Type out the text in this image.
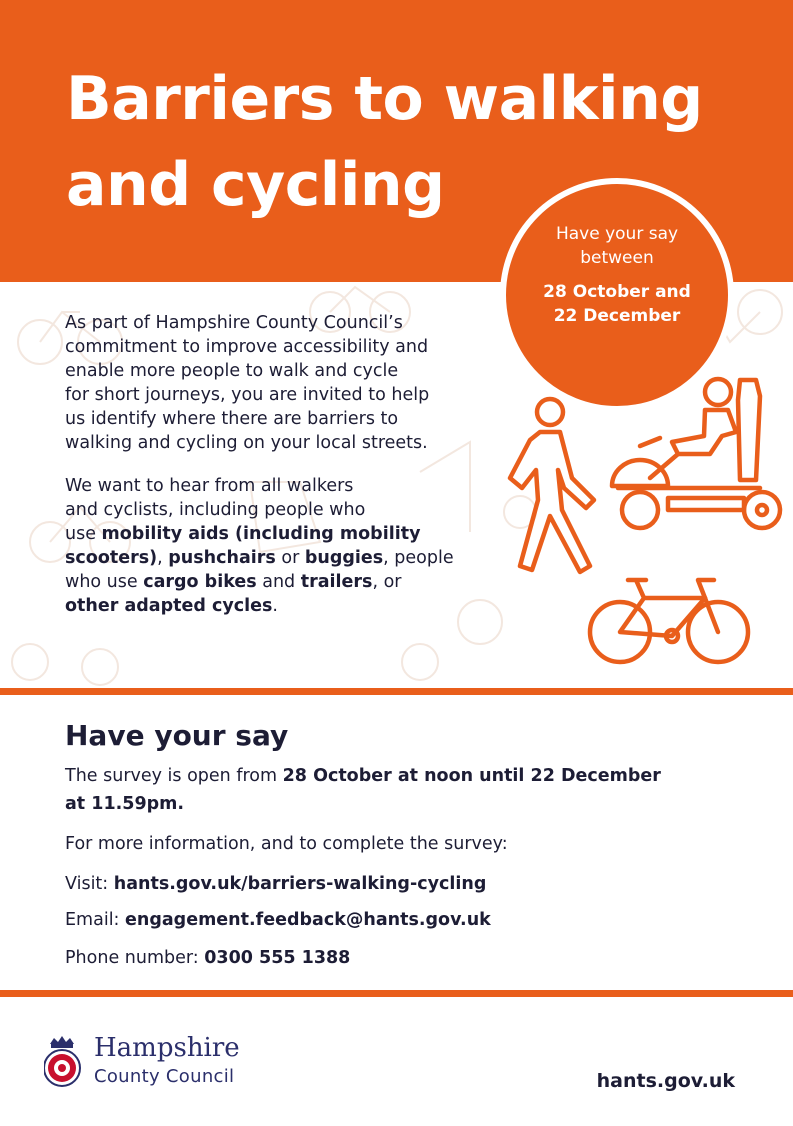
Barriers to walking
and cycling
Have your say
between
28 October and
22 December

As part of Hampshire County Council’s
commitment to improve accessibility and
enable more people to walk and cycle
for short journeys, you are invited to help
us identify where there are barriers to
walking and cycling on your local streets.

We want to hear from all walkers
and cyclists, including people who
use mobility aids (including mobility
scooters), pushchairs or buggies, people
who use cargo bikes and trailers, or
other adapted cycles.

Have your say
The survey is open from 28 October at noon until 22 December
at 11.59pm.
For more information, and to complete the survey:
Visit: hants.gov.uk/barriers-walking-cycling
Email: engagement.feedback@hants.gov.uk
Phone number: 0300 555 1388
Hampshire
County Council	hants.gov.uk
